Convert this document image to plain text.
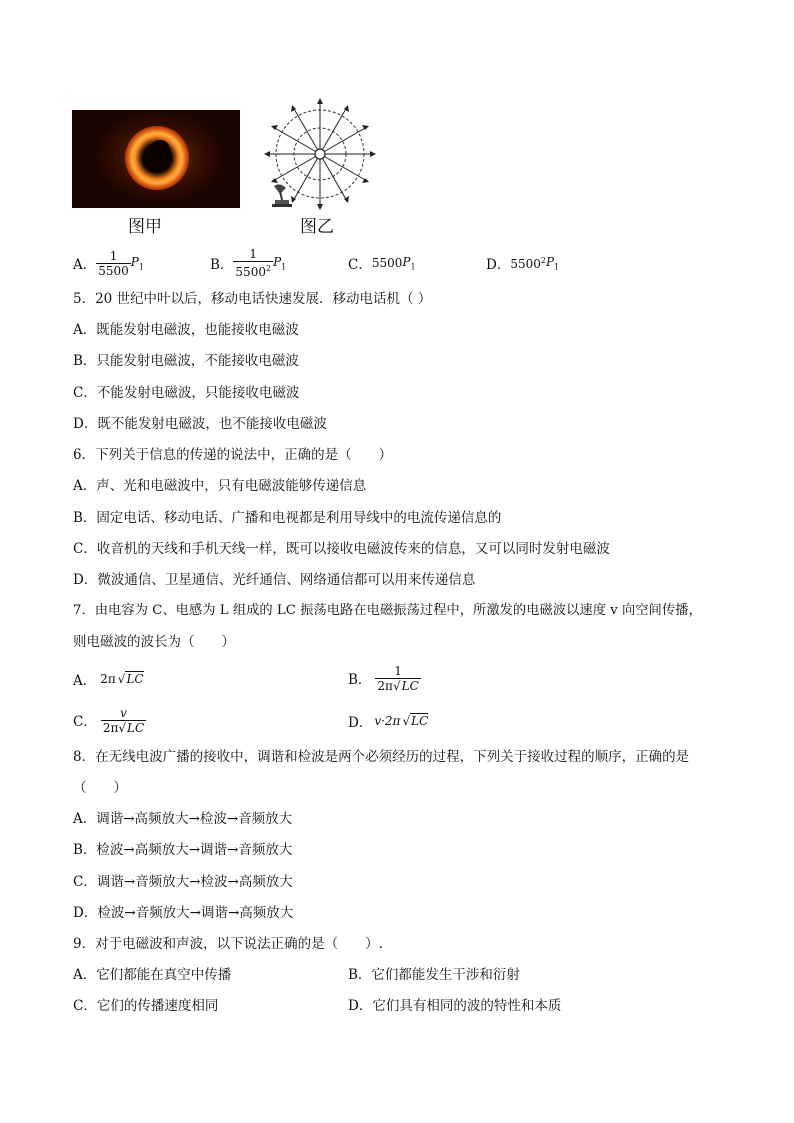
图甲	图乙
A． $\frac{1}{5500} P_1$	B． $\frac{1}{5500^2} P_1$	C． 5500 $P_1$	D． 5500$^2$ $P_1$
5．20 世纪中叶以后，移动电话快速发展．移动电话机（ ）
A．既能发射电磁波，也能接收电磁波
B．只能发射电磁波，不能接收电磁波
C．不能发射电磁波，只能接收电磁波
D．既不能发射电磁波，也不能接收电磁波
6．下列关于信息的传递的说法中，正确的是（　　）
A．声、光和电磁波中，只有电磁波能够传递信息
B．固定电话、移动电话、广播和电视都是利用导线中的电流传递信息的
C．收音机的天线和手机天线一样，既可以接收电磁波传来的信息，又可以同时发射电磁波
D．微波通信、卫星通信、光纤通信、网络通信都可以用来传递信息
7．由电容为 C、电感为 L 组成的 LC 振荡电路在电磁振荡过程中，所激发的电磁波以速度 v 向空间传播，
则电磁波的波长为（　　）
A． 2π √LC	B． $\frac{1}{2\pi√LC}$
C． $\frac{v}{2\pi√LC}$	D． v·2π √LC
8．在无线电波广播的接收中，调谐和检波是两个必须经历的过程，下列关于接收过程的顺序，正确的是
（　　）
A．调谐→高频放大→检波→音频放大
B．检波→高频放大→调谐→音频放大
C．调谐→音频放大→检波→高频放大
D．检波→音频放大→调谐→高频放大
9．对于电磁波和声波，以下说法正确的是（　　）.
A．它们都能在真空中传播	B．它们都能发生干涉和衍射
C．它们的传播速度相同	D．它们具有相同的波的特性和本质
